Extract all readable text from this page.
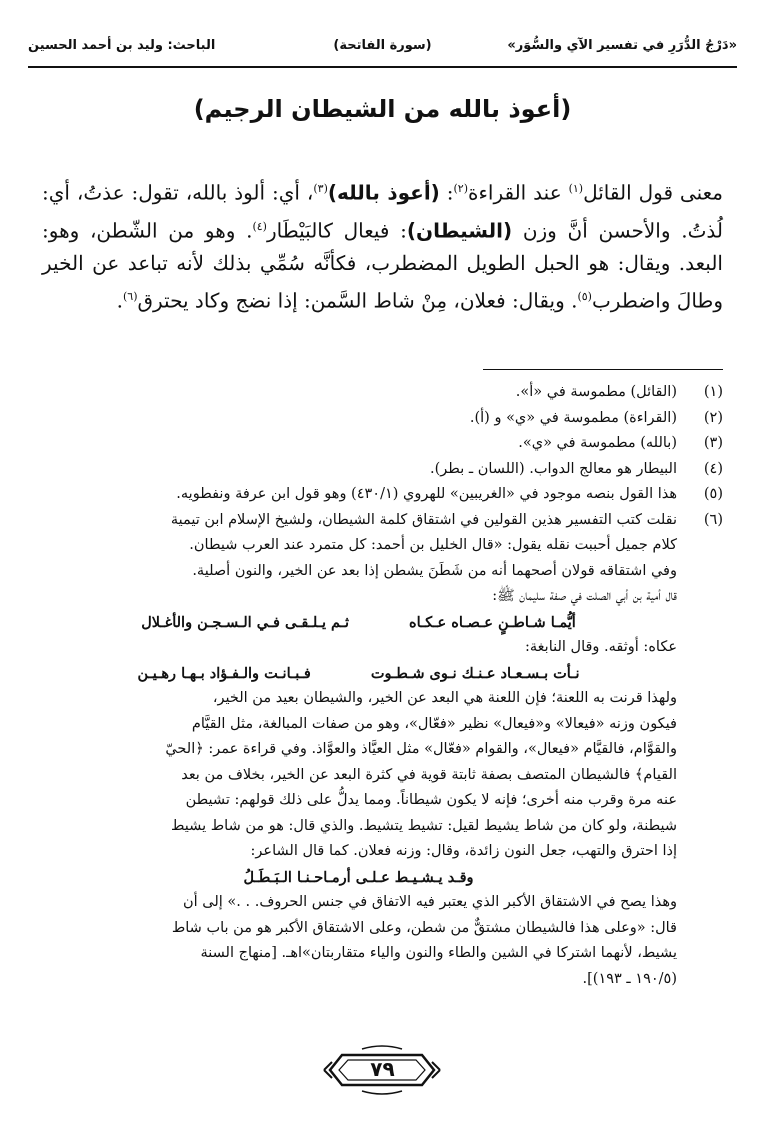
«دَرْجُ الدُّرَرِ في تفسير الآي والسُّوَر»
(سورة الفاتحة)
الباحث: وليد بن أحمد الحسين
(أعوذ بالله من الشيطان الرجيم)

معنى قول القائل$^{(١)}$ عند القراءة$^{(٢)}$: (أعوذ بالله)$^{(٣)}$، أي: ألوذ بالله، تقول: عذتُ، أي: لُذتُ. والأحسن أنَّ وزن (الشيطان): فيعال كالبَيْطَار$^{(٤)}$. وهو من الشّطن، وهو: البعد. ويقال: هو الحبل الطويل المضطرب، فكأنَّه سُمِّي بذلك لأنه تباعد عن الخير وطالَ واضطرب$^{(٥)}$. ويقال: فعلان، مِنْ شاط السَّمن: إذا نضج وكاد يحترق$^{(٦)}$.

(١)
(القائل) مطموسة في «أ».
(٢)
(القراءة) مطموسة في «ي» و (أ).
(٣)
(بالله) مطموسة في «ي».
(٤)
البيطار هو معالج الدواب. (اللسان ـ بطر).
(٥)
هذا القول بنصه موجود في «الغريبين» للهروي (٤٣٠/١) وهو قول ابن عرفة ونفطويه.
(٦)
نقلت كتب التفسير هذين القولين في اشتقاق كلمة الشيطان، ولشيخ الإسلام ابن تيمية
كلام جميل أحببت نقله يقول: «قال الخليل بن أحمد: كل متمرد عند العرب شيطان.
وفي اشتقاقه قولان أصحهما أنه من شَطَنَ يشطن إذا بعد عن الخير، والنون أصلية.
قال أمية بن أبي الصلت في صفة سليمان ﷺ:
أيُّمـا شـاطـنٍ عـصـاه عـكـاهثـم يـلـقـى فـي الـسـجـن والأغـلال
عكاه: أوثقه. وقال النابغة:
نـأت بـسـعـاد عـنـك نـوى شـطـوتفـبـانـت والـفـؤاد بـهـا رهـيـن
ولهذا قرنت به اللعنة؛ فإن اللعنة هي البعد عن الخير، والشيطان بعيد من الخير،
فيكون وزنه «فيعالا» و«فيعال» نظير «فعّال»، وهو من صفات المبالغة، مثل القيَّام
والقوَّام، فالقيَّام «فيعال»، والقوام «فعّال» مثل العيَّاذ والعوَّاذ. وفي قراءة عمر: ﴿الحيّ
القيام﴾ فالشيطان المتصف بصفة ثابتة قوية في كثرة البعد عن الخير، بخلاف من بعد
عنه مرة وقرب منه أخرى؛ فإنه لا يكون شيطاناً. ومما يدلُّ على ذلك قولهم: تشيطن
شيطنة، ولو كان من شاط يشيط لقيل: تشيط يتشيط. والذي قال: هو من شاط يشيط
إذا احترق والتهب، جعل النون زائدة، وقال: وزنه فعلان. كما قال الشاعر:
وقـد يـشـيـط عـلـى أرمـاحـنـا الـبَـطَـلُ
وهذا يصح في الاشتقاق الأكبر الذي يعتبر فيه الاتفاق في جنس الحروف. . .» إلى أن
قال: «وعلى هذا فالشيطان مشتقٌّ من شطن، وعلى الاشتقاق الأكبر هو من باب شاط
يشيط، لأنهما اشتركا في الشين والطاء والنون والياء متقاربتان»اهـ. [منهاج السنة
(١٩٠/٥ ـ ١٩٣)].
٧٩
